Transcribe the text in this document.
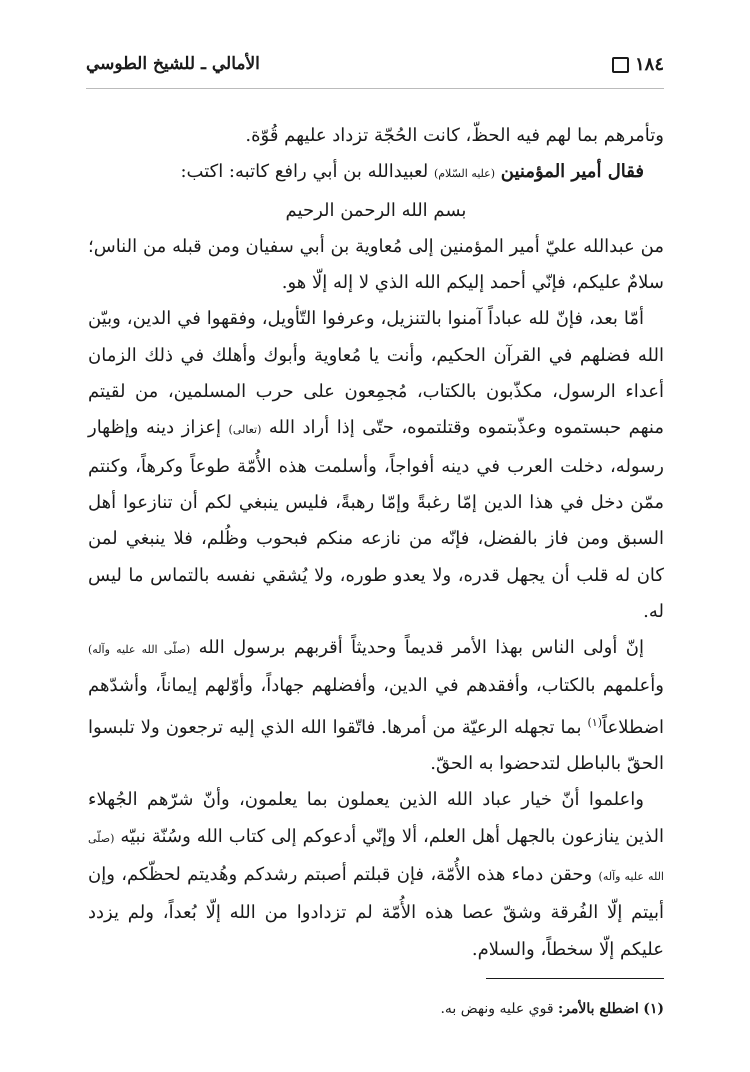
١٨٤
الأمالي ـ للشيخ الطوسي

وتأمرهم بما لهم فيه الحظّ، كانت الحُجّة تزداد عليهم قُوّة.

فقال أمير المؤمنين (عليه السّلام) لعبيدالله بن أبي رافع كاتبه: اكتب:

بسم الله الرحمن الرحيم

من عبدالله عليّ أمير المؤمنين إلى مُعاوية بن أبي سفيان ومن قبله من الناس؛ سلامٌ عليكم، فإنّي أحمد إليكم الله الذي لا إله إلّا هو.

أمّا بعد، فإنّ لله عباداً آمنوا بالتنزيل، وعرفوا التّأويل، وفقهوا في الدين، وبيّن الله فضلهم في القرآن الحكيم، وأنت يا مُعاوية وأبوك وأهلك في ذلك الزمان أعداء الرسول، مكذّبون بالكتاب، مُجمِعون على حرب المسلمين، من لقيتم منهم حبستموه وعذّبتموه وقتلتموه، حتّى إذا أراد الله (تعالى) إعزاز دينه وإظهار رسوله، دخلت العرب في دينه أفواجاً، وأسلمت هذه الأُمّة طوعاً وكرهاً، وكنتم ممّن دخل في هذا الدين إمّا رغبةً وإمّا رهبةً، فليس ينبغي لكم أن تنازعوا أهل السبق ومن فاز بالفضل، فإنّه من نازعه منكم فبحوب وظُلم، فلا ينبغي لمن كان له قلب أن يجهل قدره، ولا يعدو طوره، ولا يُشقي نفسه بالتماس ما ليس له.

إنّ أولى الناس بهذا الأمر قديماً وحديثاً أقربهم برسول الله (صلّى الله عليه وآله) وأعلمهم بالكتاب، وأفقدهم في الدين، وأفضلهم جهاداً، وأوّلهم إيماناً، وأشدّهم اضطلاعاً$^{(١)}$ بما تجهله الرعيّة من أمرها. فاتّقوا الله الذي إليه ترجعون ولا تلبسوا الحقّ بالباطل لتدحضوا به الحقّ.

واعلموا أنّ خيار عباد الله الذين يعملون بما يعلمون، وأنّ شرّهم الجُهلاء الذين ينازعون بالجهل أهل العلم، ألا وإنّي أدعوكم إلى كتاب الله وسُنّة نبيّه (صلّى الله عليه وآله) وحقن دماء هذه الأُمّة، فإن قبلتم أصبتم رشدكم وهُديتم لحظّكم، وإن أبيتم إلّا الفُرقة وشقّ عصا هذه الأُمّة لم تزدادوا من الله إلّا بُعداً، ولم يزدد عليكم إلّا سخطاً، والسلام.

(١) اضطلع بالأمر: قوي عليه ونهض به.
